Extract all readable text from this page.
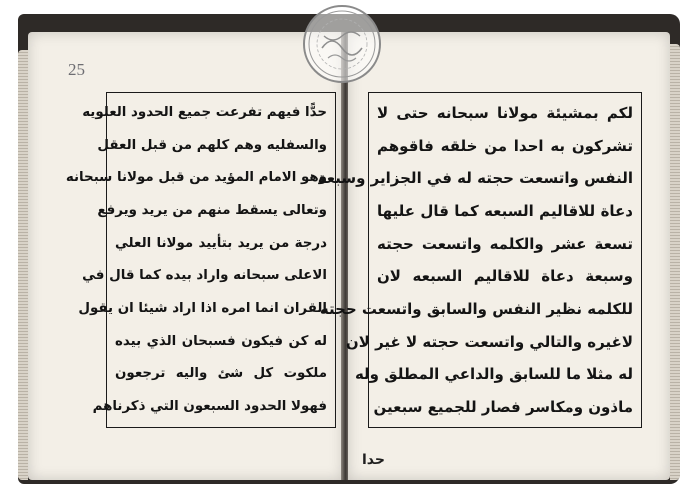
25
حدًّا فيهم تفرعت جميع الحدود العلويه
والسفليه وهم كلهم من قبل العقل
وهو الامام المؤيد من قبل مولانا سبحانه
وتعالى يسقط منهم من يريد ويرفع
درجة من يريد بتأييد مولانا العلي
الاعلى سبحانه واراد بيده كما قال في
القران انما امره اذا اراد شيئا ان يقول
له كن فيكون فسبحان الذي بيده
ملكوت كل شئ واليه ترجعون
فهولا الحدود السبعون التي ذكرناهم
لكم بمشيئة مولانا سبحانه حتى لا
تشركون به احدا من خلقه فاقوهم
النفس واتسعت حجته له في الجزاير وسبعة
دعاة للاقاليم السبعه كما قال عليها
تسعة عشر والكلمه واتسعت حجته
وسبعة دعاة للاقاليم السبعه لان
للكلمه نظير النفس والسابق واتسعت حجته
لاغيره والتالي واتسعت حجته لا غير لان
له مثلا ما للسابق والداعي المطلق وله
ماذون ومكاسر فصار للجميع سبعين
حدا
